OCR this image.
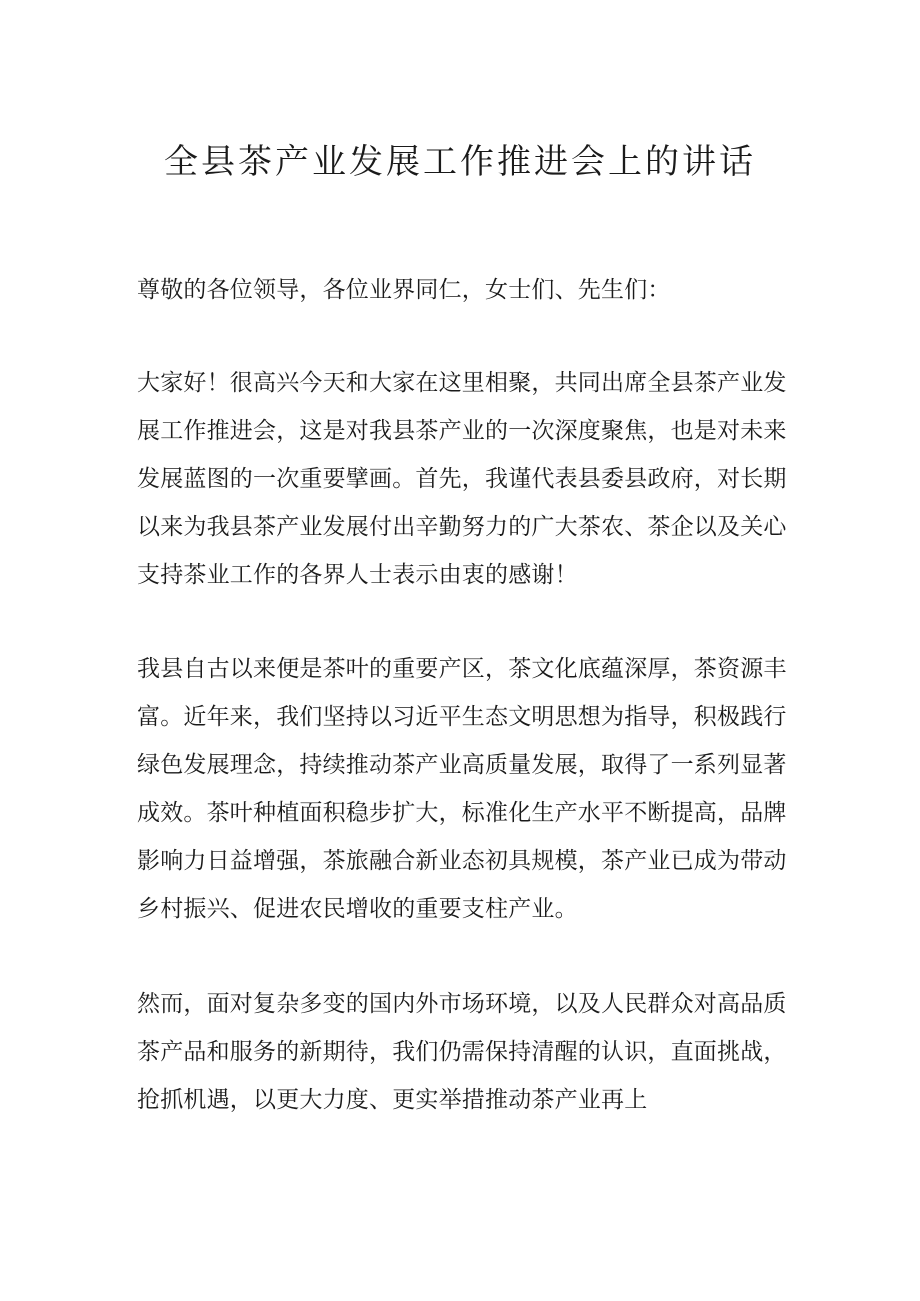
全县茶产业发展工作推进会上的讲话

尊敬的各位领导，各位业界同仁，女士们、先生们：

大家好！很高兴今天和大家在这里相聚，共同出席全县茶产业发
展工作推进会，这是对我县茶产业的一次深度聚焦，也是对未来
发展蓝图的一次重要擘画。首先，我谨代表县委县政府，对长期
以来为我县茶产业发展付出辛勤努力的广大茶农、茶企以及关心
支持茶业工作的各界人士表示由衷的感谢！

我县自古以来便是茶叶的重要产区，茶文化底蕴深厚，茶资源丰
富。近年来，我们坚持以习近平生态文明思想为指导，积极践行
绿色发展理念，持续推动茶产业高质量发展，取得了一系列显著
成效。茶叶种植面积稳步扩大，标准化生产水平不断提高，品牌
影响力日益增强，茶旅融合新业态初具规模，茶产业已成为带动
乡村振兴、促进农民增收的重要支柱产业。

然而，面对复杂多变的国内外市场环境，以及人民群众对高品质
茶产品和服务的新期待，我们仍需保持清醒的认识，直面挑战，
抢抓机遇，以更大力度、更实举措推动茶产业再上
